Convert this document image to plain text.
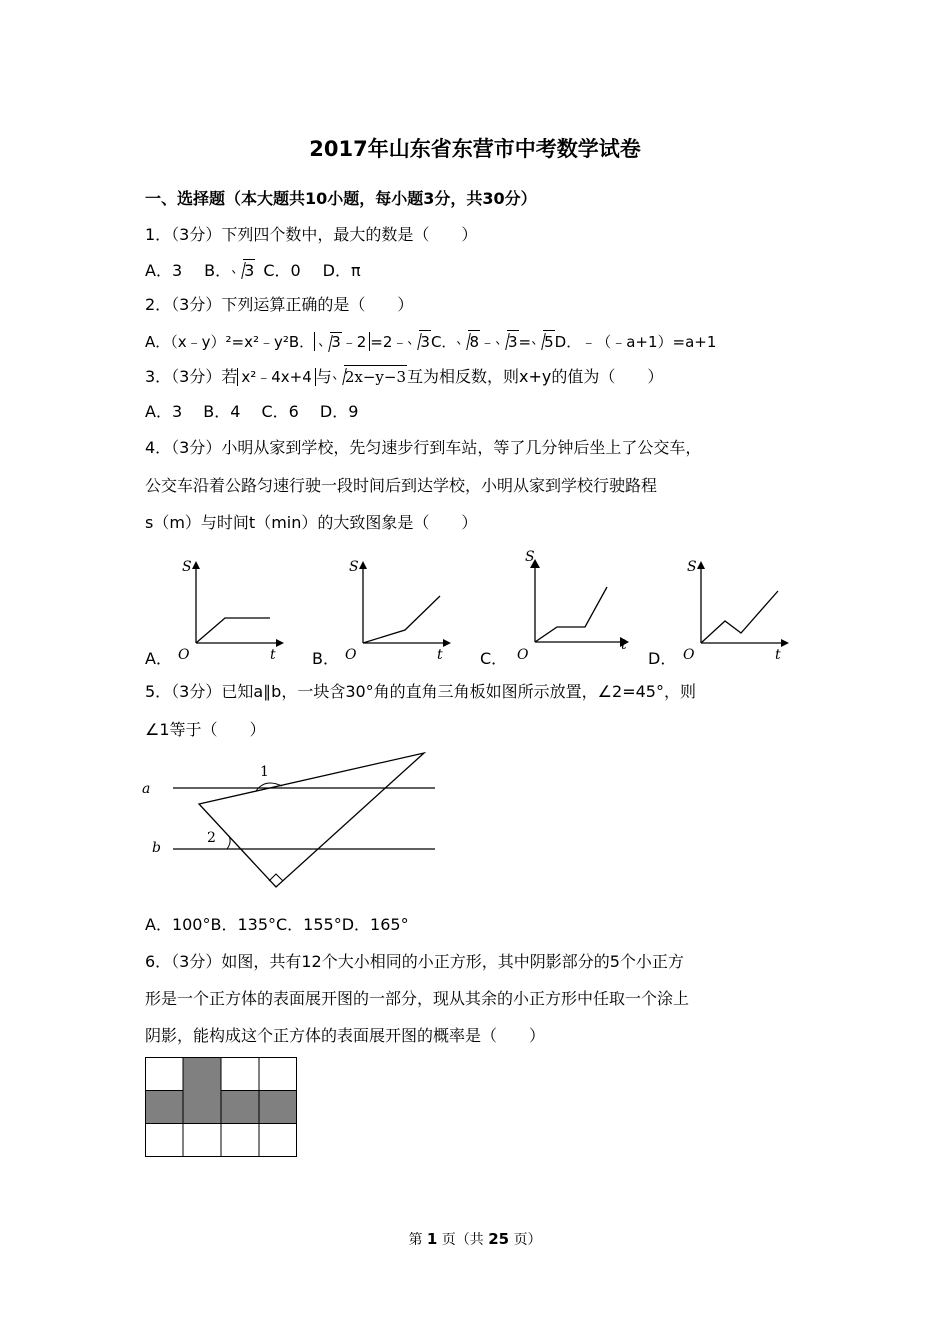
2017年山东省东营市中考数学试卷
一、选择题（本大题共10小题，每小题3分，共30分）
1．（3分）下列四个数中，最大的数是（　　）
A．3 B． 3 C．0 D．π
2．（3分）下列运算正确的是（　　）
A．（x﹣y）²=x²﹣y²B． 3﹣2 =2﹣ 3C． 8﹣ 3= 5D．﹣（﹣a+1）=a+1
3．（3分）若 x²﹣4x+4 与 2x−y−3互为相反数，则x+y的值为（　　）
A．3　 B．4　 C．6　 D．9
4．（3分）小明从家到学校，先匀速步行到车站，等了几分钟后坐上了公交车，
公交车沿着公路匀速行驶一段时间后到达学校，小明从家到学校行驶路程
s（m）与时间t（min）的大致图象是（　　）
A．	B．	C．	D．
S
O	t
S
O	t
S
O
t
S
O	t
5．（3分）已知a∥b，一块含30°角的直角三角板如图所示放置，∠2=45°，则
∠1等于（　　）
a
b
1
2
A．100°B．135°C．155°D．165°
6．（3分）如图，共有12个大小相同的小正方形，其中阴影部分的5个小正方
形是一个正方体的表面展开图的一部分，现从其余的小正方形中任取一个涂上
阴影，能构成这个正方体的表面展开图的概率是（　　）
第 1 页（共 25 页）
